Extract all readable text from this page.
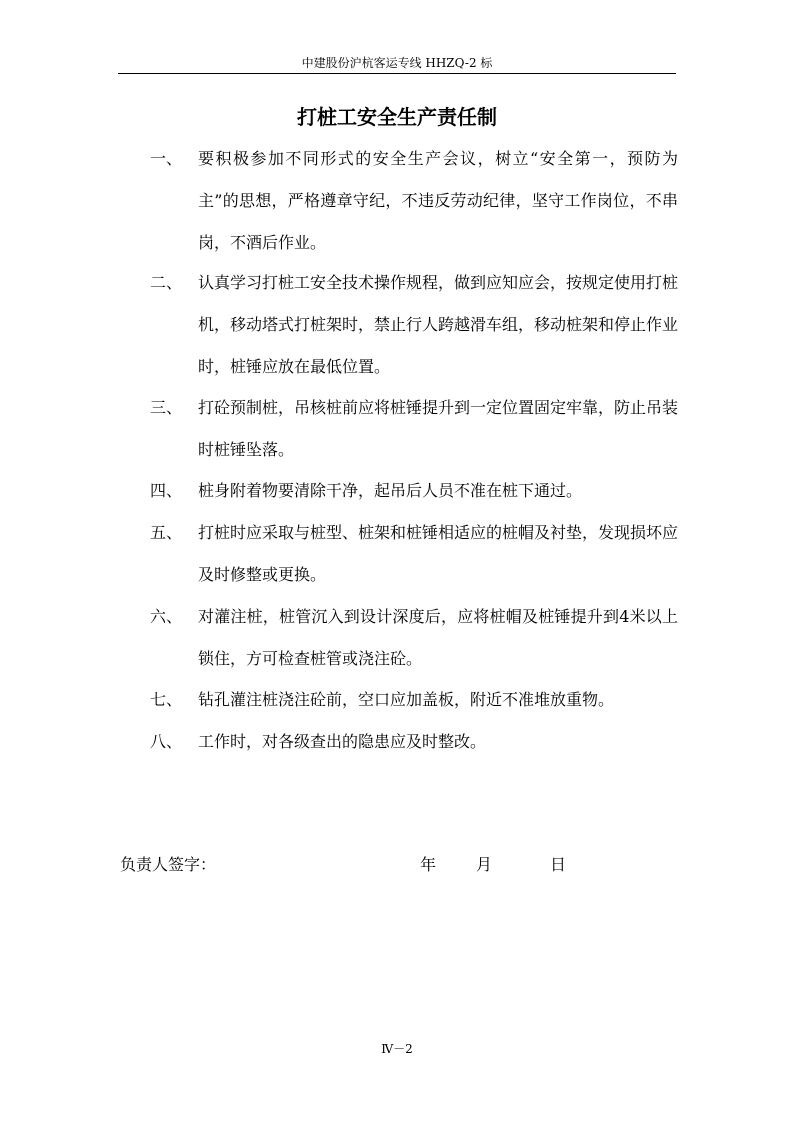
中建股份沪杭客运专线 HHZQ-2 标
打桩工安全生产责任制
一、 要积极参加不同形式的安全生产会议，树立“安全第一，预防为主”的思想，严格遵章守纪，不违反劳动纪律，坚守工作岗位，不串岗，不酒后作业。
二、 认真学习打桩工安全技术操作规程，做到应知应会，按规定使用打桩机，移动塔式打桩架时，禁止行人跨越滑车组，移动桩架和停止作业时，桩锤应放在最低位置。
三、 打砼预制桩，吊核桩前应将桩锤提升到一定位置固定牢靠，防止吊装时桩锤坠落。
四、 桩身附着物要清除干净，起吊后人员不准在桩下通过。
五、 打桩时应采取与桩型、桩架和桩锤相适应的桩帽及衬垫，发现损坏应及时修整或更换。
六、 对灌注桩，桩管沉入到设计深度后，应将桩帽及桩锤提升到4米以上锁住，方可检查桩管或浇注砼。
七、 钻孔灌注桩浇注砼前，空口应加盖板，附近不准堆放重物。
八、 工作时，对各级查出的隐患应及时整改。
负责人签字：	年 月	日
Ⅳ－2
